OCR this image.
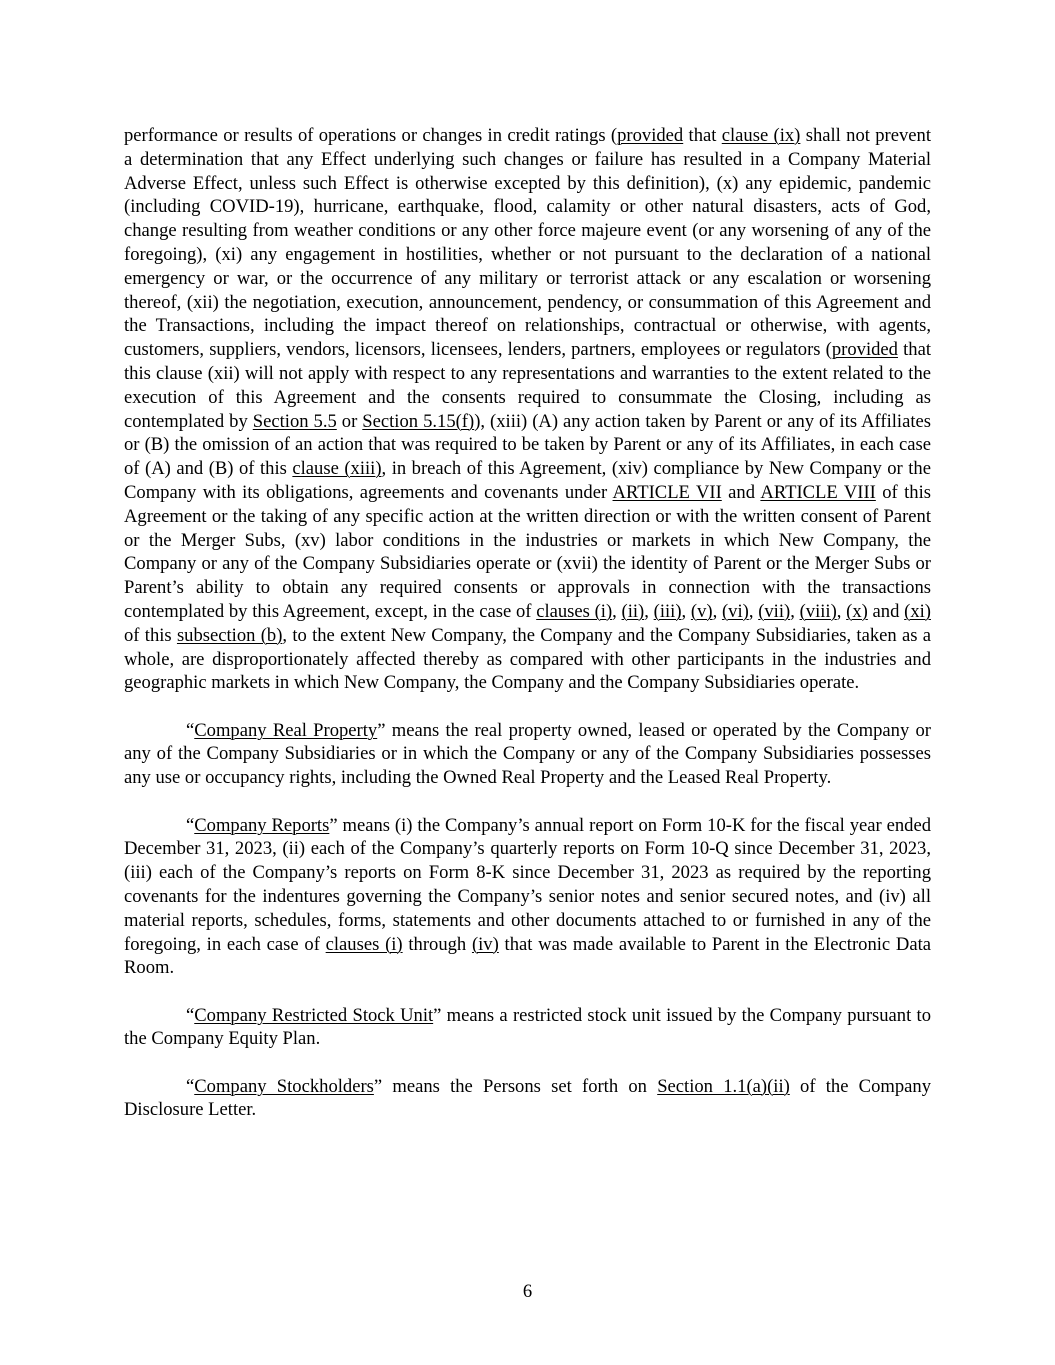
performance or results of operations or changes in credit ratings (provided that clause (ix) shall not prevent a determination that any Effect underlying such changes or failure has resulted in a Company Material Adverse Effect, unless such Effect is otherwise excepted by this definition), (x) any epidemic, pandemic (including COVID-19), hurricane, earthquake, flood, calamity or other natural disasters, acts of God, change resulting from weather conditions or any other force majeure event (or any worsening of any of the foregoing), (xi) any engagement in hostilities, whether or not pursuant to the declaration of a national emergency or war, or the occurrence of any military or terrorist attack or any escalation or worsening thereof, (xii) the negotiation, execution, announcement, pendency, or consummation of this Agreement and the Transactions, including the impact thereof on relationships, contractual or otherwise, with agents, customers, suppliers, vendors, licensors, licensees, lenders, partners, employees or regulators (provided that this clause (xii) will not apply with respect to any representations and warranties to the extent related to the execution of this Agreement and the consents required to consummate the Closing, including as contemplated by Section 5.5 or Section 5.15(f)), (xiii) (A) any action taken by Parent or any of its Affiliates or (B) the omission of an action that was required to be taken by Parent or any of its Affiliates, in each case of (A) and (B) of this clause (xiii), in breach of this Agreement, (xiv) compliance by New Company or the Company with its obligations, agreements and covenants under ARTICLE VII and ARTICLE VIII of this Agreement or the taking of any specific action at the written direction or with the written consent of Parent or the Merger Subs, (xv) labor conditions in the industries or markets in which New Company, the Company or any of the Company Subsidiaries operate or (xvii) the identity of Parent or the Merger Subs or Parent’s ability to obtain any required consents or approvals in connection with the transactions contemplated by this Agreement, except, in the case of clauses (i), (ii), (iii), (v), (vi), (vii), (viii), (x) and (xi) of this subsection (b), to the extent New Company, the Company and the Company Subsidiaries, taken as a whole, are disproportionately affected thereby as compared with other participants in the industries and geographic markets in which New Company, the Company and the Company Subsidiaries operate.

“Company Real Property” means the real property owned, leased or operated by the Company or any of the Company Subsidiaries or in which the Company or any of the Company Subsidiaries possesses any use or occupancy rights, including the Owned Real Property and the Leased Real Property.

“Company Reports” means (i) the Company’s annual report on Form 10-K for the fiscal year ended December 31, 2023, (ii) each of the Company’s quarterly reports on Form 10-Q since December 31, 2023, (iii) each of the Company’s reports on Form 8-K since December 31, 2023 as required by the reporting covenants for the indentures governing the Company’s senior notes and senior secured notes, and (iv) all material reports, schedules, forms, statements and other documents attached to or furnished in any of the foregoing, in each case of clauses (i) through (iv) that was made available to Parent in the Electronic Data Room.

“Company Restricted Stock Unit” means a restricted stock unit issued by the Company pursuant to the Company Equity Plan.

“Company Stockholders” means the Persons set forth on Section 1.1(a)(ii) of the Company Disclosure Letter.

6
